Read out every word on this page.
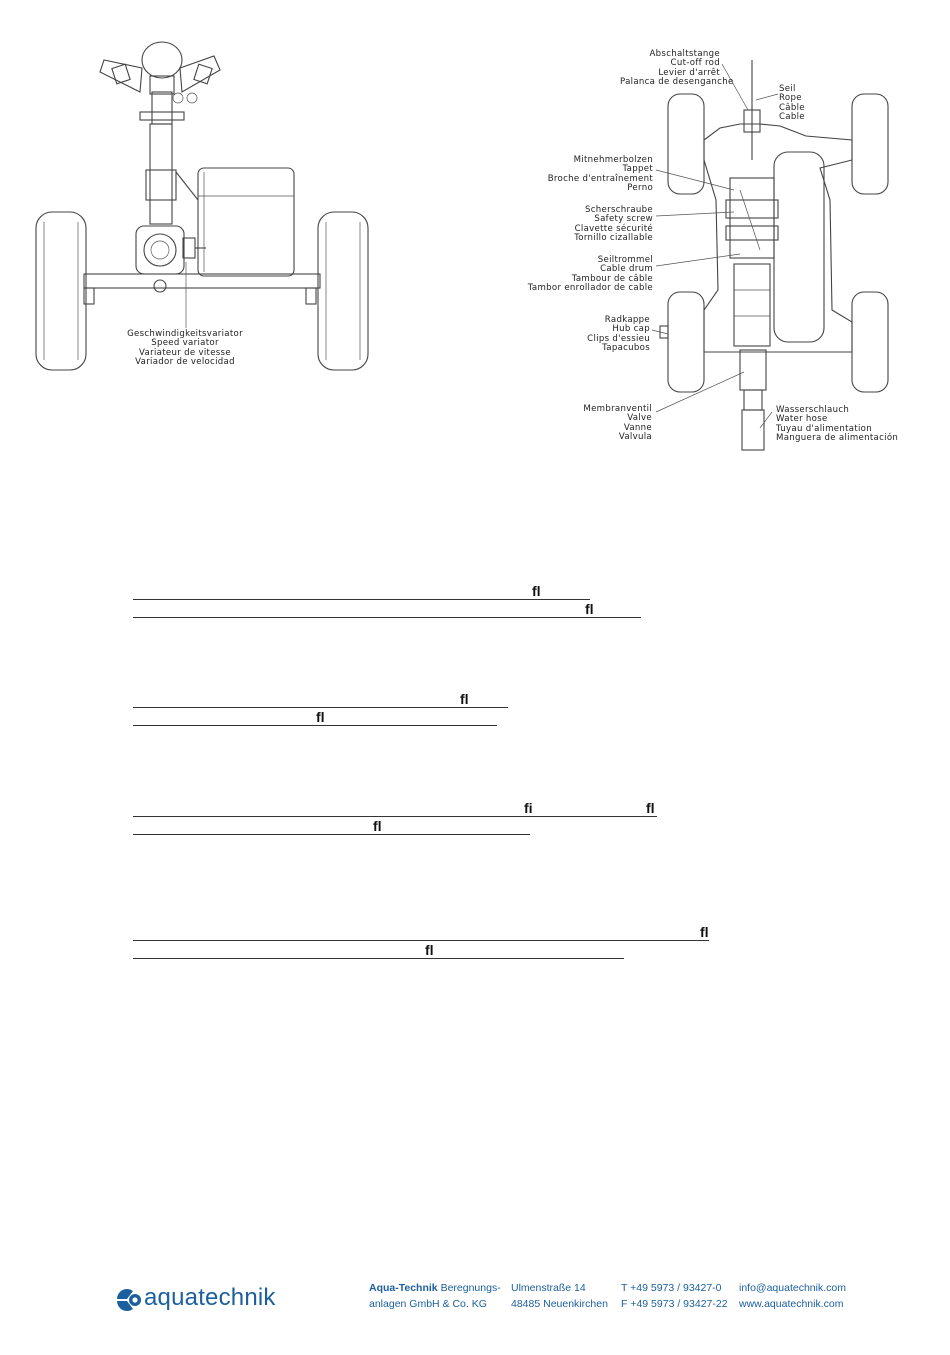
Geschwindigkeitsvariator
Speed variator
Variateur de vitesse
Variador de velocidad
Abschaltstange
Cut-off rod
Levier d'arrêt
Palanca de desenganche
Seil
Rope
Câble
Cable
Mitnehmerbolzen
Tappet
Broche d'entraînement
Perno
Scherschraube
Safety screw
Clavette sécurité
Tornillo cizallable
Seiltrommel
Cable drum
Tambour de câble
Tambor enrollador de cable
Radkappe
Hub cap
Clips d'essieu
Tapacubos
Membranventil
Valve
Vanne
Valvula
Wasserschlauch
Water hose
Tuyau d'alimentation
Manguera de alimentación
ﬂ
ﬂ
ﬂ
ﬂ
ﬁ	ﬂ
ﬂ
ﬂ
ﬂ
aquatechnik	Aqua-Technik Beregnungs-
anlagen GmbH & Co. KG
Ulmenstraße 14
48485 Neuenkirchen
T +49 5973 / 93427-0
F +49 5973 / 93427-22
info@aquatechnik.com
www.aquatechnik.com
